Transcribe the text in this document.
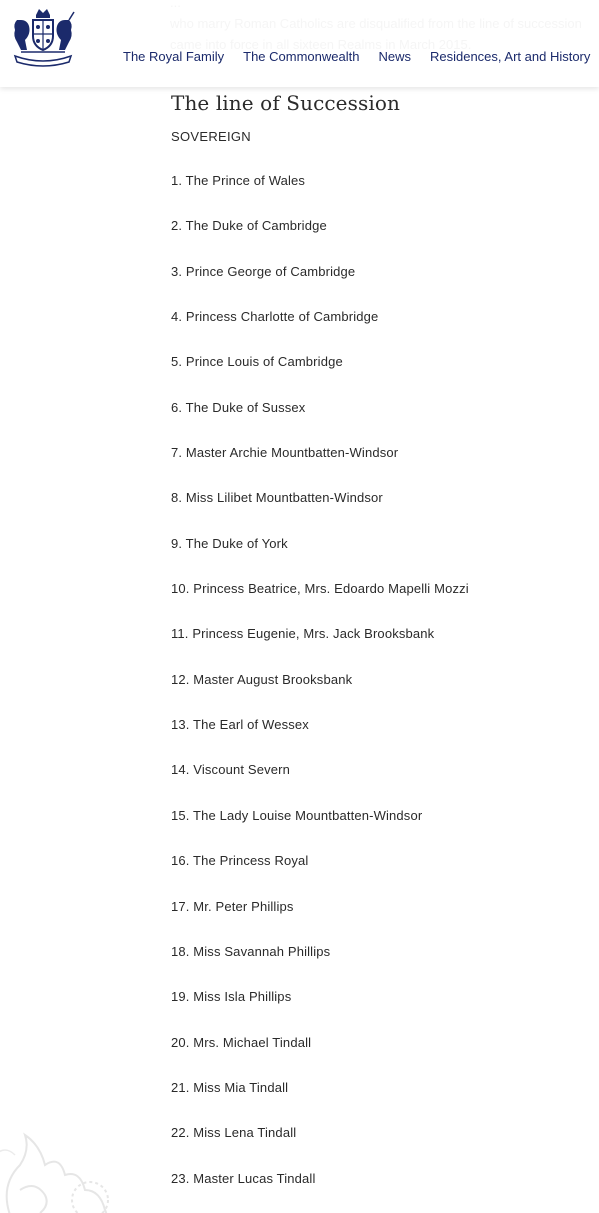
The Royal Family The Commonwealth News Residences, Art and History
The line of Succession
SOVEREIGN
1. The Prince of Wales
2. The Duke of Cambridge
3. Prince George of Cambridge
4. Princess Charlotte of Cambridge
5. Prince Louis of Cambridge
6. The Duke of Sussex
7. Master Archie Mountbatten-Windsor
8. Miss Lilibet Mountbatten-Windsor
9. The Duke of York
10. Princess Beatrice, Mrs. Edoardo Mapelli Mozzi
11. Princess Eugenie, Mrs. Jack Brooksbank
12. Master August Brooksbank
13. The Earl of Wessex
14. Viscount Severn
15. The Lady Louise Mountbatten-Windsor
16. The Princess Royal
17. Mr. Peter Phillips
18. Miss Savannah Phillips
19. Miss Isla Phillips
20. Mrs. Michael Tindall
21. Miss Mia Tindall
22. Miss Lena Tindall
23. Master Lucas Tindall
